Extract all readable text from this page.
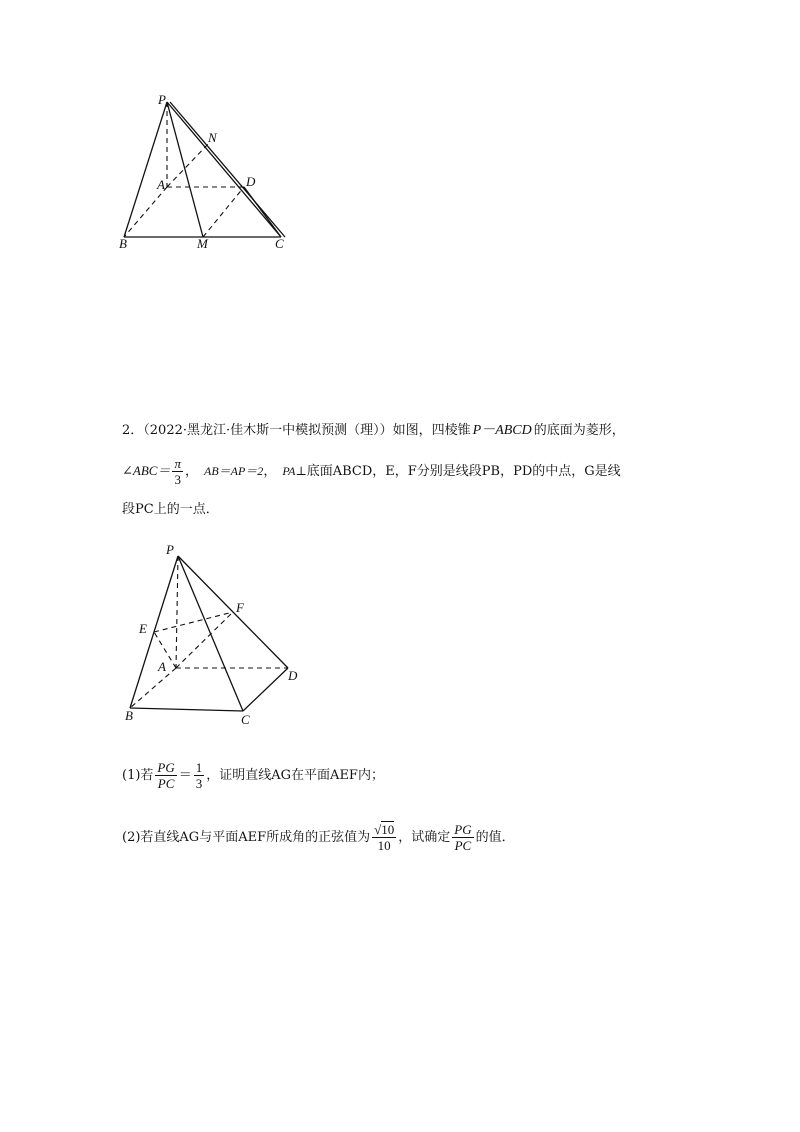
P
N
A	D
B	M	C
2．（2022·黑龙江·佳木斯一中模拟预测（理））如图，四棱锥 P－ABCD 的底面为菱形，
∠ABC＝ $\frac{\pi}{3}$ ， AB＝AP＝2， PA⊥底面ABCD，E，F分别是线段PB，PD的中点，G是线
段PC上的一点．
P
E
F
A
D
B	C
(1)若 $\frac{PG}{PC} = \frac{1}{3}$ ，证明直线AG在平面AEF内；
(2)若直线AG与平面AEF所成角的正弦值为 $\frac{√10}{10}$ ，试确定 $\frac{PG}{PC}$ 的值．
